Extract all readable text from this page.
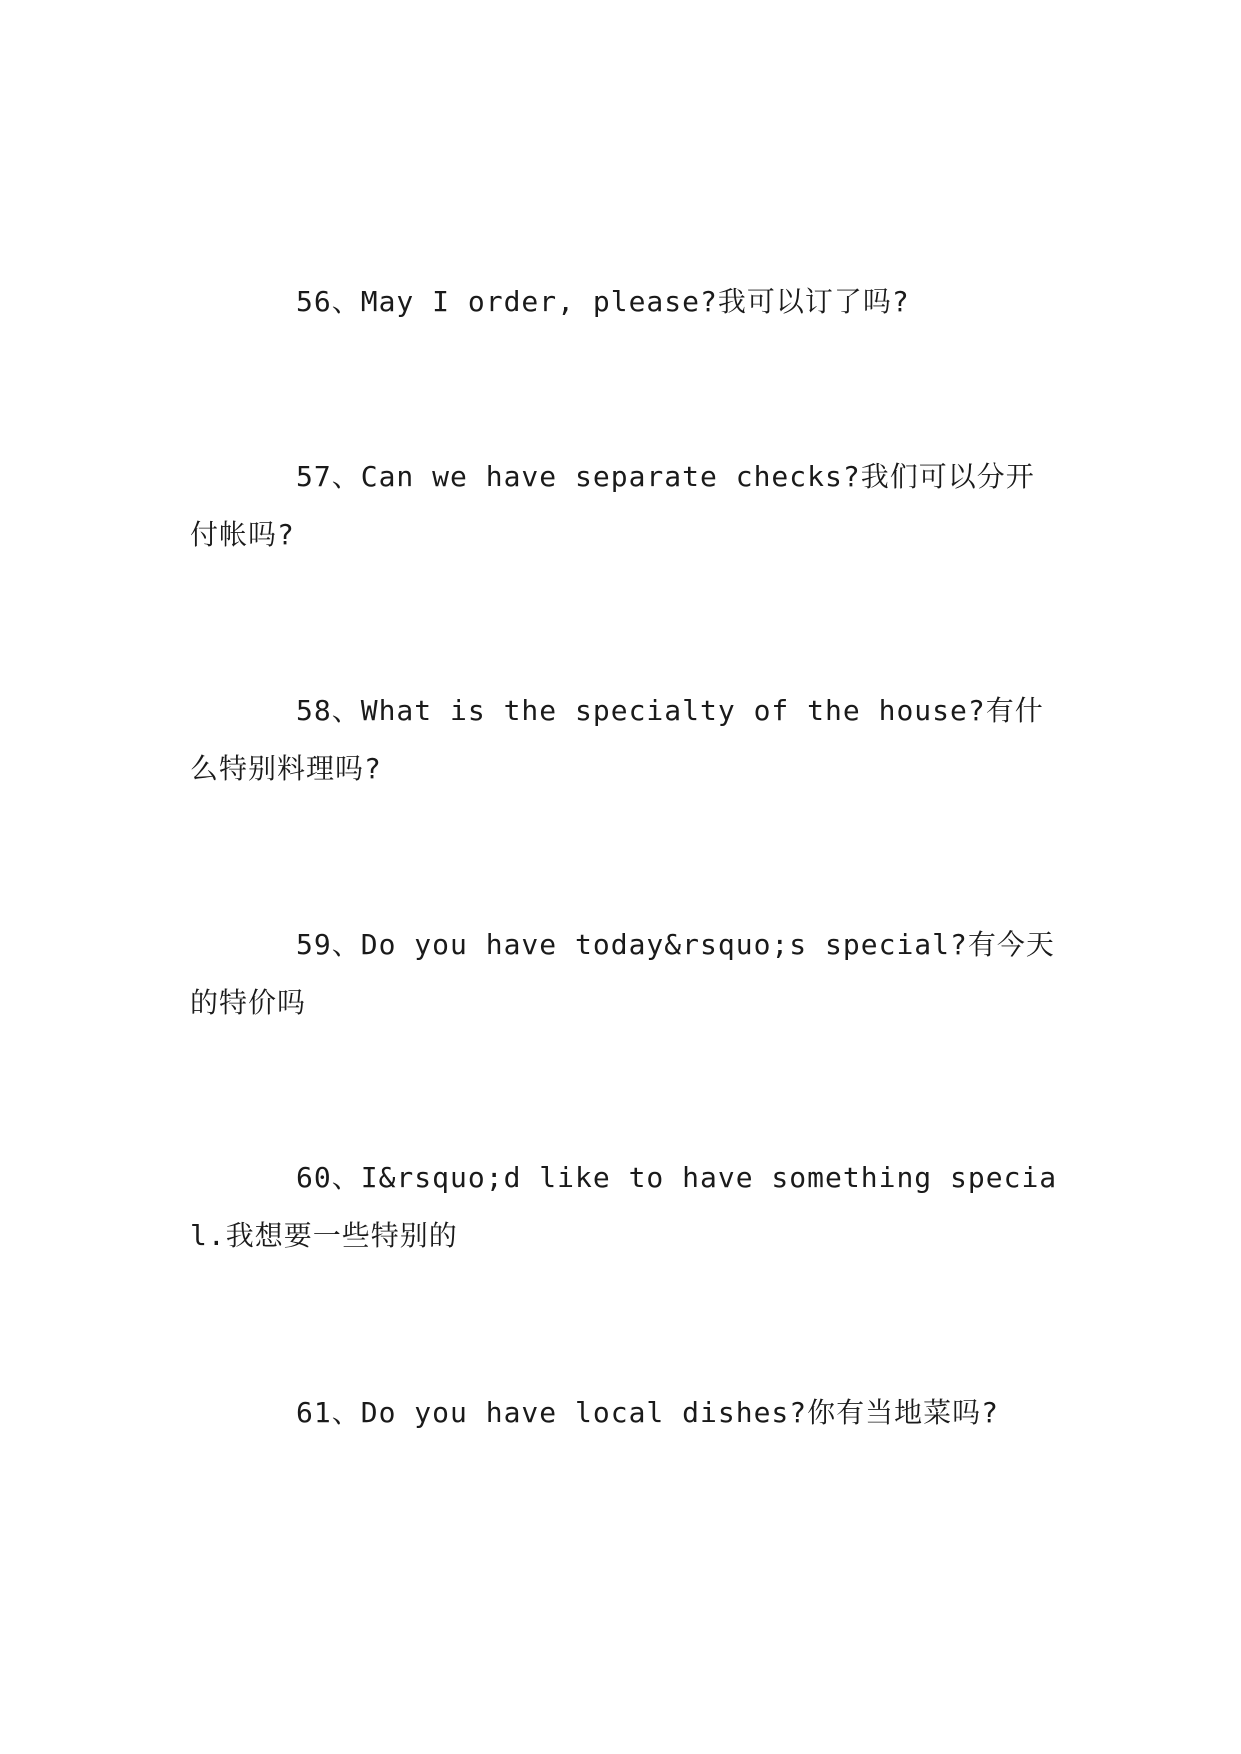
56、May I order, please?我可以订了吗?

57、Can we have separate checks?我们可以分开付帐吗?

58、What is the specialty of the house?有什么特别料理吗?

59、Do you have today&rsquo;s special?有今天的特价吗

60、I&rsquo;d like to have something special.我想要一些特别的

61、Do you have local dishes?你有当地菜吗?
